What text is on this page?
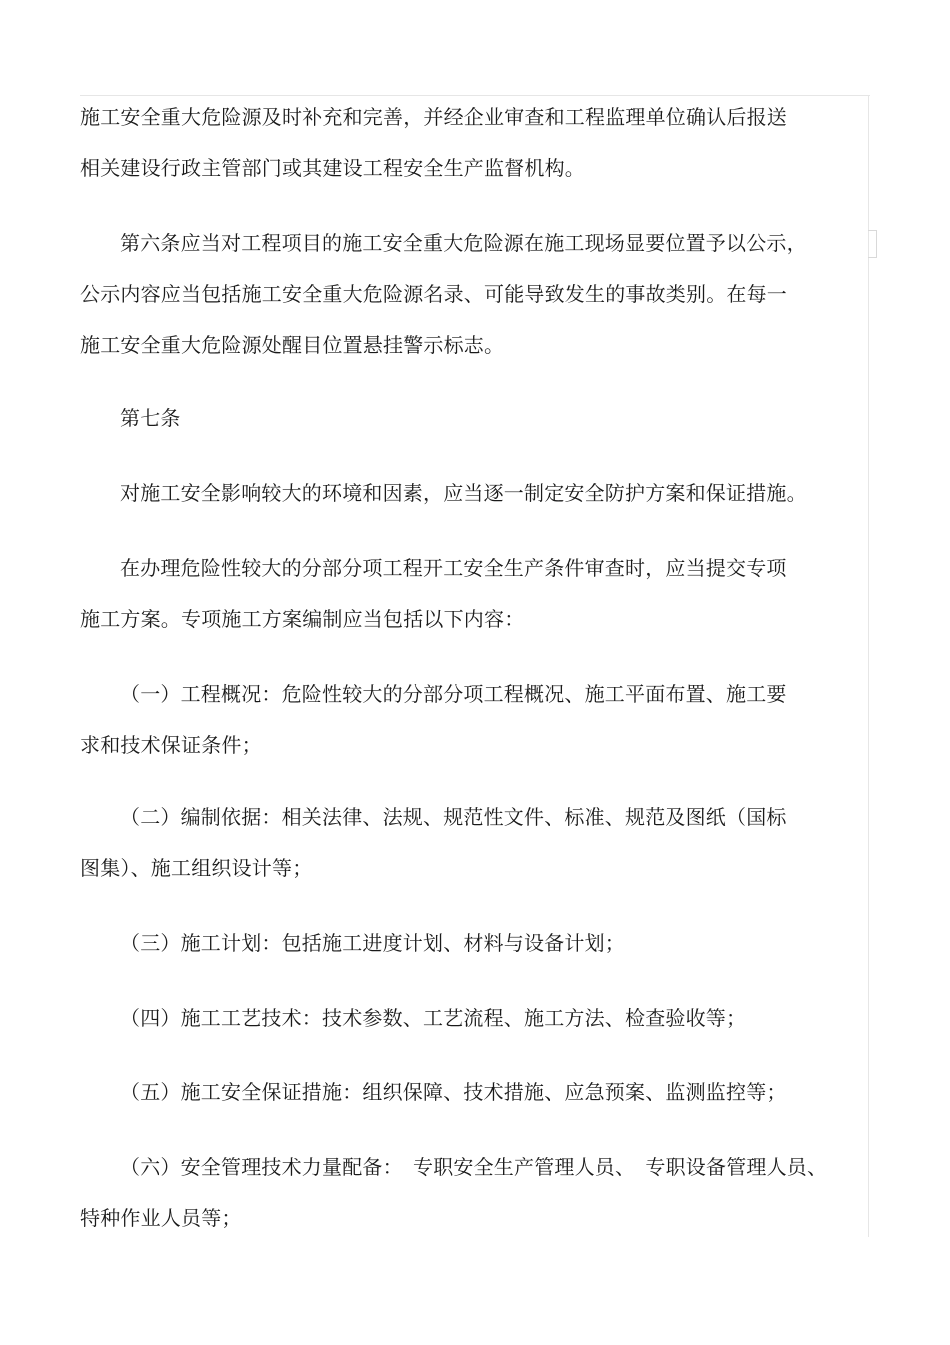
施工安全重大危险源及时补充和完善，并经企业审查和工程监理单位确认后报送
相关建设行政主管部门或其建设工程安全生产监督机构。
第六条应当对工程项目的施工安全重大危险源在施工现场显要位置予以公示，
公示内容应当包括施工安全重大危险源名录、可能导致发生的事故类别。在每一
施工安全重大危险源处醒目位置悬挂警示标志。
第七条
对施工安全影响较大的环境和因素，应当逐一制定安全防护方案和保证措施。
在办理危险性较大的分部分项工程开工安全生产条件审查时，应当提交专项
施工方案。专项施工方案编制应当包括以下内容：
（一）工程概况：危险性较大的分部分项工程概况、施工平面布置、施工要
求和技术保证条件；
（二）编制依据：相关法律、法规、规范性文件、标准、规范及图纸（国标
图集）、施工组织设计等；
（三）施工计划：包括施工进度计划、材料与设备计划；
（四）施工工艺技术：技术参数、工艺流程、施工方法、检查验收等；
（五）施工安全保证措施：组织保障、技术措施、应急预案、监测监控等；
（六）安全管理技术力量配备：　专职安全生产管理人员、　专职设备管理人员、
特种作业人员等；
